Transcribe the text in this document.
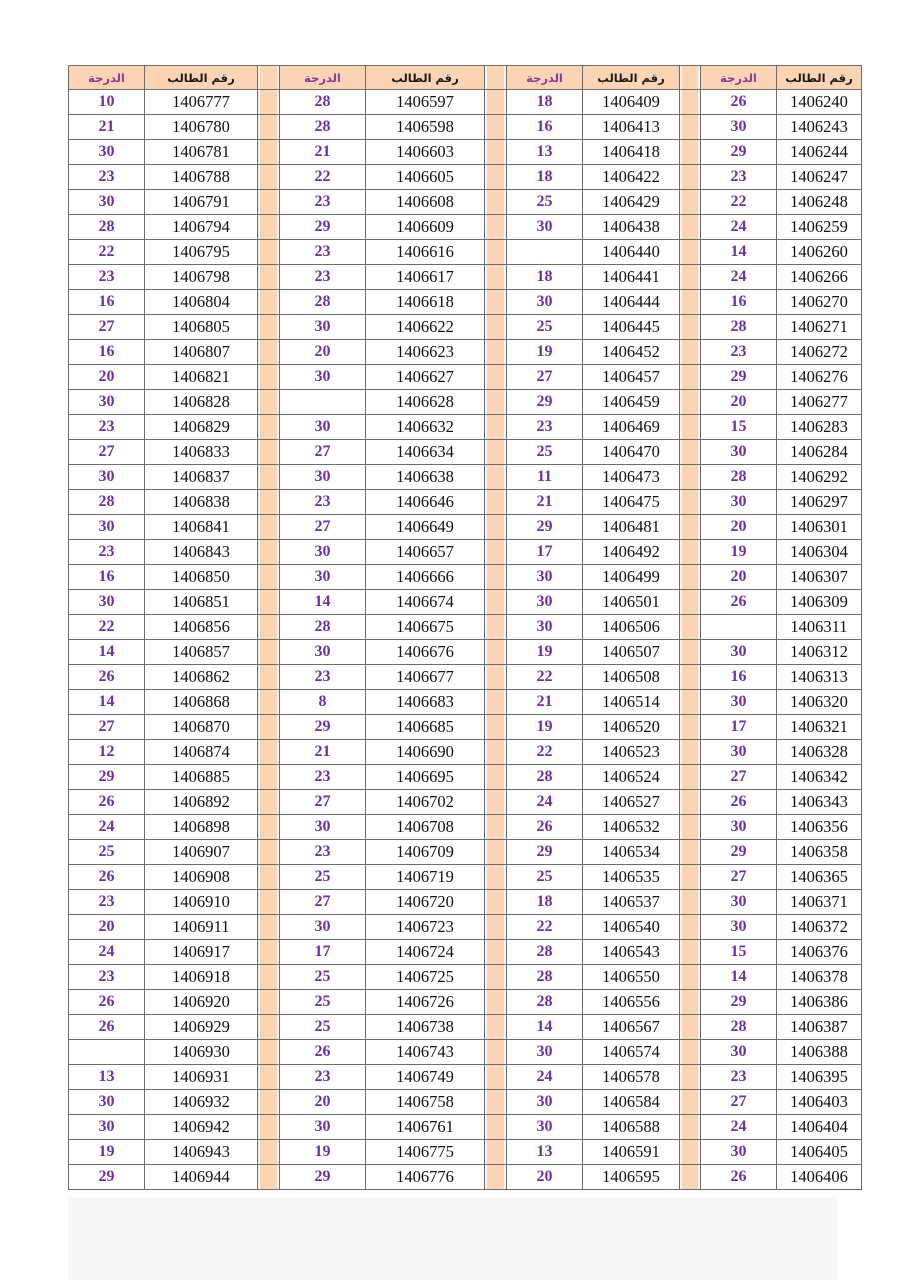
الدرجة	رقم الطالب		الدرجة	رقم الطالب		الدرجة	رقم الطالب		الدرجة	رقم الطالب
10	1406777		28	1406597		18	1406409		26	1406240
21	1406780		28	1406598		16	1406413		30	1406243
30	1406781		21	1406603		13	1406418		29	1406244
23	1406788		22	1406605		18	1406422		23	1406247
30	1406791		23	1406608		25	1406429		22	1406248
28	1406794		29	1406609		30	1406438		24	1406259
22	1406795		23	1406616			1406440		14	1406260
23	1406798		23	1406617		18	1406441		24	1406266
16	1406804		28	1406618		30	1406444		16	1406270
27	1406805		30	1406622		25	1406445		28	1406271
16	1406807		20	1406623		19	1406452		23	1406272
20	1406821		30	1406627		27	1406457		29	1406276
30	1406828			1406628		29	1406459		20	1406277
23	1406829		30	1406632		23	1406469		15	1406283
27	1406833		27	1406634		25	1406470		30	1406284
30	1406837		30	1406638		11	1406473		28	1406292
28	1406838		23	1406646		21	1406475		30	1406297
30	1406841		27	1406649		29	1406481		20	1406301
23	1406843		30	1406657		17	1406492		19	1406304
16	1406850		30	1406666		30	1406499		20	1406307
30	1406851		14	1406674		30	1406501		26	1406309
22	1406856		28	1406675		30	1406506			1406311
14	1406857		30	1406676		19	1406507		30	1406312
26	1406862		23	1406677		22	1406508		16	1406313
14	1406868		8	1406683		21	1406514		30	1406320
27	1406870		29	1406685		19	1406520		17	1406321
12	1406874		21	1406690		22	1406523		30	1406328
29	1406885		23	1406695		28	1406524		27	1406342
26	1406892		27	1406702		24	1406527		26	1406343
24	1406898		30	1406708		26	1406532		30	1406356
25	1406907		23	1406709		29	1406534		29	1406358
26	1406908		25	1406719		25	1406535		27	1406365
23	1406910		27	1406720		18	1406537		30	1406371
20	1406911		30	1406723		22	1406540		30	1406372
24	1406917		17	1406724		28	1406543		15	1406376
23	1406918		25	1406725		28	1406550		14	1406378
26	1406920		25	1406726		28	1406556		29	1406386
26	1406929		25	1406738		14	1406567		28	1406387
	1406930		26	1406743		30	1406574		30	1406388
13	1406931		23	1406749		24	1406578		23	1406395
30	1406932		20	1406758		30	1406584		27	1406403
30	1406942		30	1406761		30	1406588		24	1406404
19	1406943		19	1406775		13	1406591		30	1406405
29	1406944		29	1406776		20	1406595		26	1406406
